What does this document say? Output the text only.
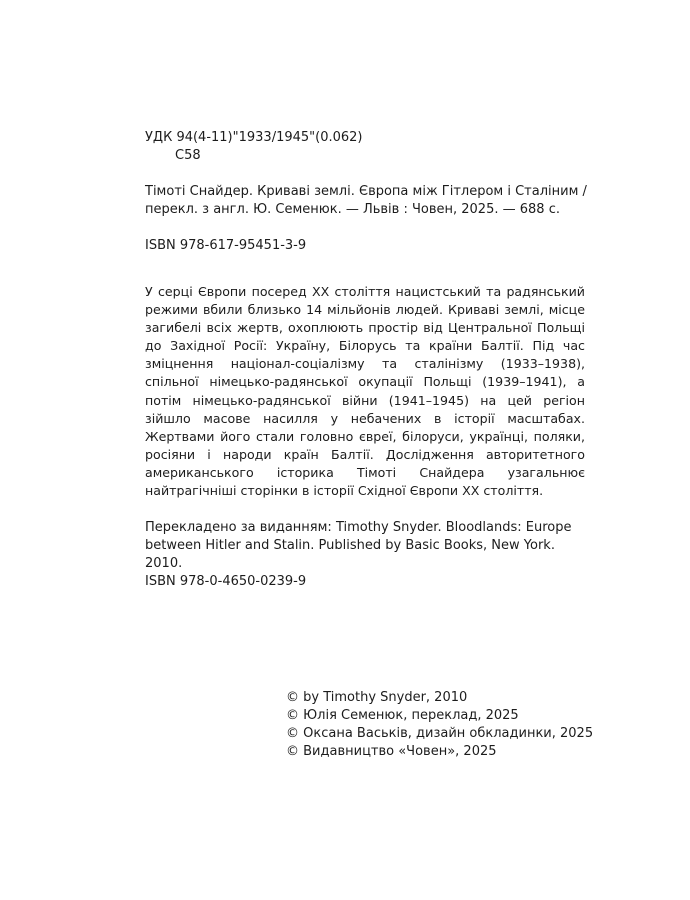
УДК 94(4-11)"1933/1945"(0.062)
С58
Тімоті Снайдер. Криваві землі. Європа між Гітлером і Сталіним / перекл. з англ. Ю. Семенюк. — Львів : Човен, 2025. — 688 с.
ISBN 978-617-95451-3-9
У серці Європи посеред XX століття нацистський та радянський режими вбили близько 14 мільйонів людей. Криваві землі, місце загибелі всіх жертв, охоплюють простір від Центральної Польщі до Західної Росії: Україну, Білорусь та країни Балтії. Під час зміцнення націонал-соціалізму та сталінізму (1933–1938), спільної німецько-радянської окупації Польщі (1939–1941), а потім німецько-радянської війни (1941–1945) на цей регіон зійшло масове насилля у небачених в історії масштабах. Жертвами його стали головно євреї, білоруси, українці, поляки, росіяни і народи країн Балтії. Дослідження авторитетного американського історика Тімоті Снайдера узагальнює найтрагічніші сторінки в історії Східної Європи XX століття.
Перекладено за виданням: Timothy Snyder. Bloodlands: Europe between Hitler and Stalin. Published by Basic Books, New York. 2010.
ISBN 978-0-4650-0239-9
© by Timothy Snyder, 2010
© Юлія Семенюк, переклад, 2025
© Оксана Васьків, дизайн обкладинки, 2025
© Видавництво «Човен», 2025
